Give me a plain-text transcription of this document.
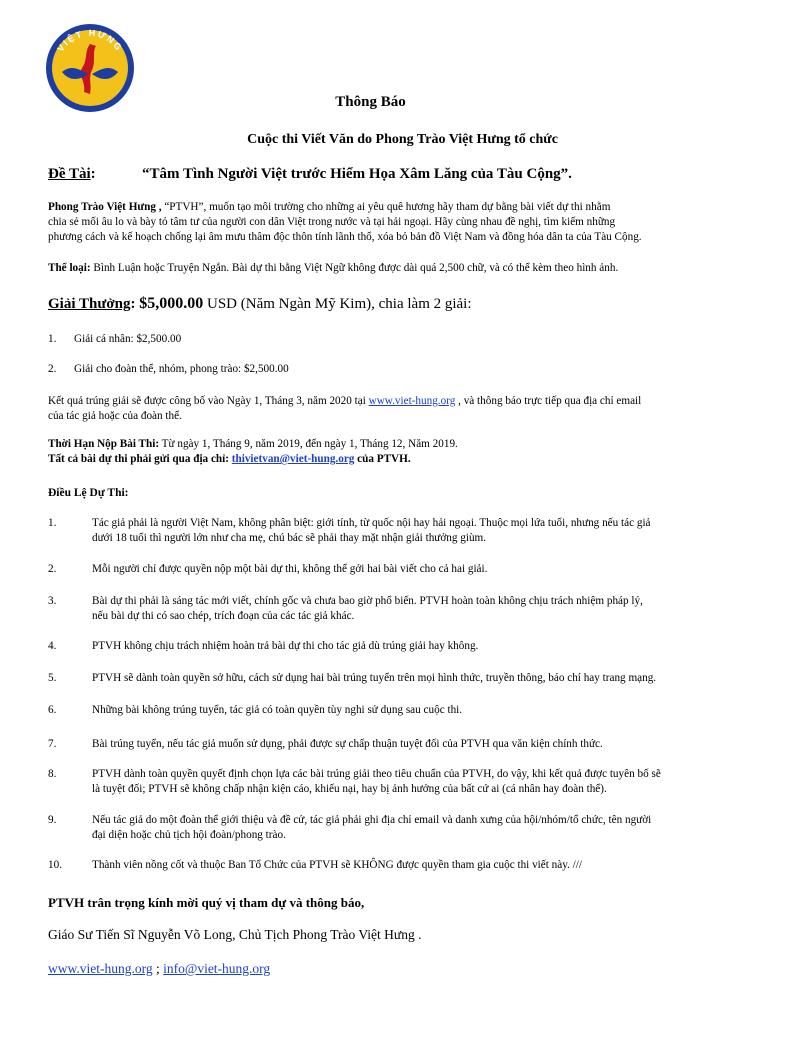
VIỆT HƯNG
Thông Báo
Cuộc thi Viết Văn do Phong Trào Việt Hưng tổ chức
Đề Tài:	“Tâm Tình Người Việt trước Hiểm Họa Xâm Lăng của Tàu Cộng”.
Phong Trào Việt Hưng , “PTVH”, muốn tạo môi trường cho những ai yêu quê hương hãy tham dự bằng bài viết dự thi nhằm
chia sẻ mối âu lo và bày tỏ tâm tư của người con dân Việt trong nước và tại hải ngoại. Hãy cùng nhau đề nghị, tìm kiếm những
phương cách và kế hoạch chống lại âm mưu thâm độc thôn tính lãnh thổ, xóa bỏ bản đồ Việt Nam và đồng hóa dân ta của Tàu Cộng.
Thể loại: Bình Luận hoặc Truyện Ngắn. Bài dự thi bằng Việt Ngữ không được dài quá 2,500 chữ, và có thể kèm theo hình ảnh.
Giải Thưởng: $5,000.00 USD (Năm Ngàn Mỹ Kim), chia làm 2 giải:
1. Giải cá nhân: $2,500.00
2. Giải cho đoàn thể, nhóm, phong trào: $2,500.00
Kết quả trúng giải sẽ được công bố vào Ngày 1, Tháng 3, năm 2020 tại www.viet-hung.org , và thông báo trực tiếp qua địa chỉ email
của tác giả hoặc của đoàn thể.
Thời Hạn Nộp Bài Thi: Từ ngày 1, Tháng 9, năm 2019, đến ngày 1, Tháng 12, Năm 2019.
Tất cả bài dự thi phải gửi qua địa chỉ: thivietvan@viet-hung.org của PTVH.
Điều Lệ Dự Thi:
1.	Tác giả phải là người Việt Nam, không phân biệt: giới tính, từ quốc nội hay hải ngoại. Thuộc mọi lứa tuổi, nhưng nếu tác giả
dưới 18 tuổi thì người lớn như cha mẹ, chú bác sẽ phải thay mặt nhận giải thưởng giùm.
2.	Mỗi người chỉ được quyền nộp một bài dự thi, không thể gởi hai bài viết cho cả hai giải.
3.	Bài dự thi phải là sáng tác mới viết, chính gốc và chưa bao giờ phổ biến. PTVH hoàn toàn không chịu trách nhiệm pháp lý,
nếu bài dự thi có sao chép, trích đoạn của các tác giả khác.
4.	PTVH không chịu trách nhiệm hoàn trả bài dự thi cho tác giả dù trúng giải hay không.
5.	PTVH sẽ dành toàn quyền sở hữu, cách sử dụng hai bài trúng tuyển trên mọi hình thức, truyền thông, báo chí hay trang mạng.
6.	Những bài không trúng tuyển, tác giả có toàn quyền tùy nghi sử dụng sau cuộc thi.
7.	Bài trúng tuyển, nếu tác giả muốn sử dụng, phải được sự chấp thuận tuyệt đối của PTVH qua văn kiện chính thức.
8.	PTVH dành toàn quyền quyết định chọn lựa các bài trúng giải theo tiêu chuẩn của PTVH, do vậy, khi kết quả được tuyên bố sẽ
là tuyệt đối; PTVH sẽ không chấp nhận kiện cáo, khiếu nại, hay bị ảnh hưởng của bất cứ ai (cá nhân hay đoàn thể).
9.	Nếu tác giả do một đoàn thể giới thiệu và đề cử, tác giả phải ghi địa chỉ email và danh xưng của hội/nhóm/tổ chức, tên người
đại diện hoặc chủ tịch hội đoàn/phong trào.
10.	Thành viên nồng cốt và thuộc Ban Tổ Chức của PTVH sẽ KHÔNG được quyền tham gia cuộc thi viết này. ///
PTVH trân trọng kính mời quý vị tham dự và thông báo,
Giáo Sư Tiến Sĩ Nguyễn Võ Long, Chủ Tịch Phong Trào Việt Hưng .
www.viet-hung.org ; info@viet-hung.org
